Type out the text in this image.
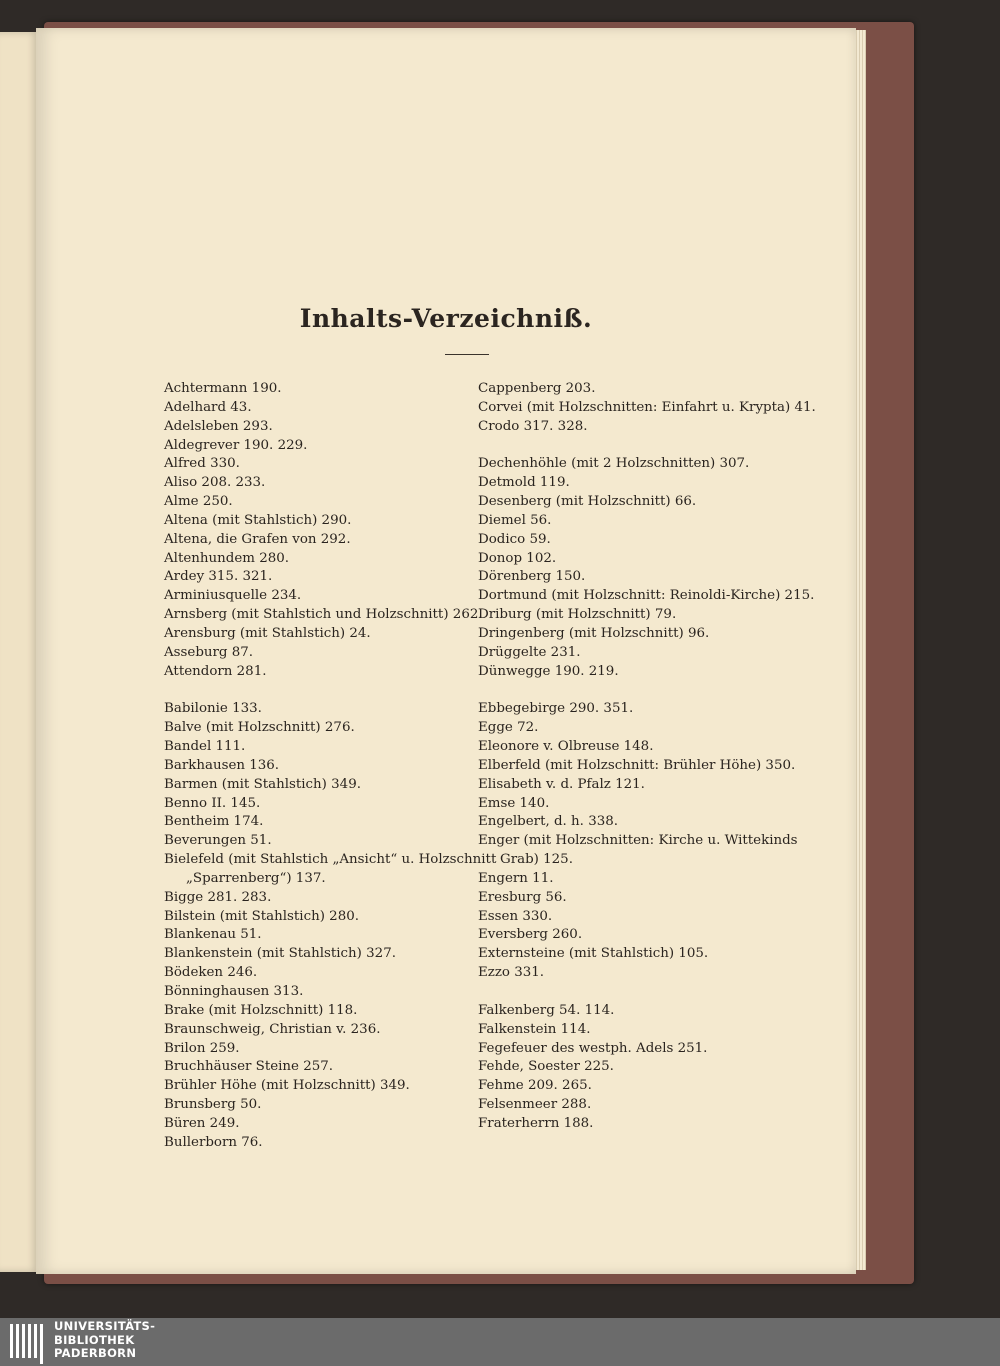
Inhalts-Verzeichniß.
Achtermann 190.
Adelhard 43.
Adelsleben 293.
Aldegrever 190. 229.
Alfred 330.
Aliso 208. 233.
Alme 250.
Altena (mit Stahlstich) 290.
Altena, die Grafen von 292.
Altenhundem 280.
Ardey 315. 321.
Arminiusquelle 234.
Arnsberg (mit Stahlstich und Holzschnitt) 262.
Arensburg (mit Stahlstich) 24.
Asseburg 87.
Attendorn 281.
Babilonie 133.
Balve (mit Holzschnitt) 276.
Bandel 111.
Barkhausen 136.
Barmen (mit Stahlstich) 349.
Benno II. 145.
Bentheim 174.
Beverungen 51.
Bielefeld (mit Stahlstich „Ansicht“ u. Holzschnitt
„Sparrenberg“) 137.
Bigge 281. 283.
Bilstein (mit Stahlstich) 280.
Blankenau 51.
Blankenstein (mit Stahlstich) 327.
Bödeken 246.
Bönninghausen 313.
Brake (mit Holzschnitt) 118.
Braunschweig, Christian v. 236.
Brilon 259.
Bruchhäuser Steine 257.
Brühler Höhe (mit Holzschnitt) 349.
Brunsberg 50.
Büren 249.
Bullerborn 76.
Cappenberg 203.
Corvei (mit Holzschnitten: Einfahrt u. Krypta) 41.
Crodo 317. 328.
Dechenhöhle (mit 2 Holzschnitten) 307.
Detmold 119.
Desenberg (mit Holzschnitt) 66.
Diemel 56.
Dodico 59.
Donop 102.
Dörenberg 150.
Dortmund (mit Holzschnitt: Reinoldi-Kirche) 215.
Driburg (mit Holzschnitt) 79.
Dringenberg (mit Holzschnitt) 96.
Drüggelte 231.
Dünwegge 190. 219.
Ebbegebirge 290. 351.
Egge 72.
Eleonore v. Olbreuse 148.
Elberfeld (mit Holzschnitt: Brühler Höhe) 350.
Elisabeth v. d. Pfalz 121.
Emse 140.
Engelbert, d. h. 338.
Enger (mit Holzschnitten: Kirche u. Wittekinds
Grab) 125.
Engern 11.
Eresburg 56.
Essen 330.
Eversberg 260.
Externsteine (mit Stahlstich) 105.
Ezzo 331.
Falkenberg 54. 114.
Falkenstein 114.
Fegefeuer des westph. Adels 251.
Fehde, Soester 225.
Fehme 209. 265.
Felsenmeer 288.
Fraterherrn 188.
UNIVERSITÄTS-
BIBLIOTHEK
PADERBORN
